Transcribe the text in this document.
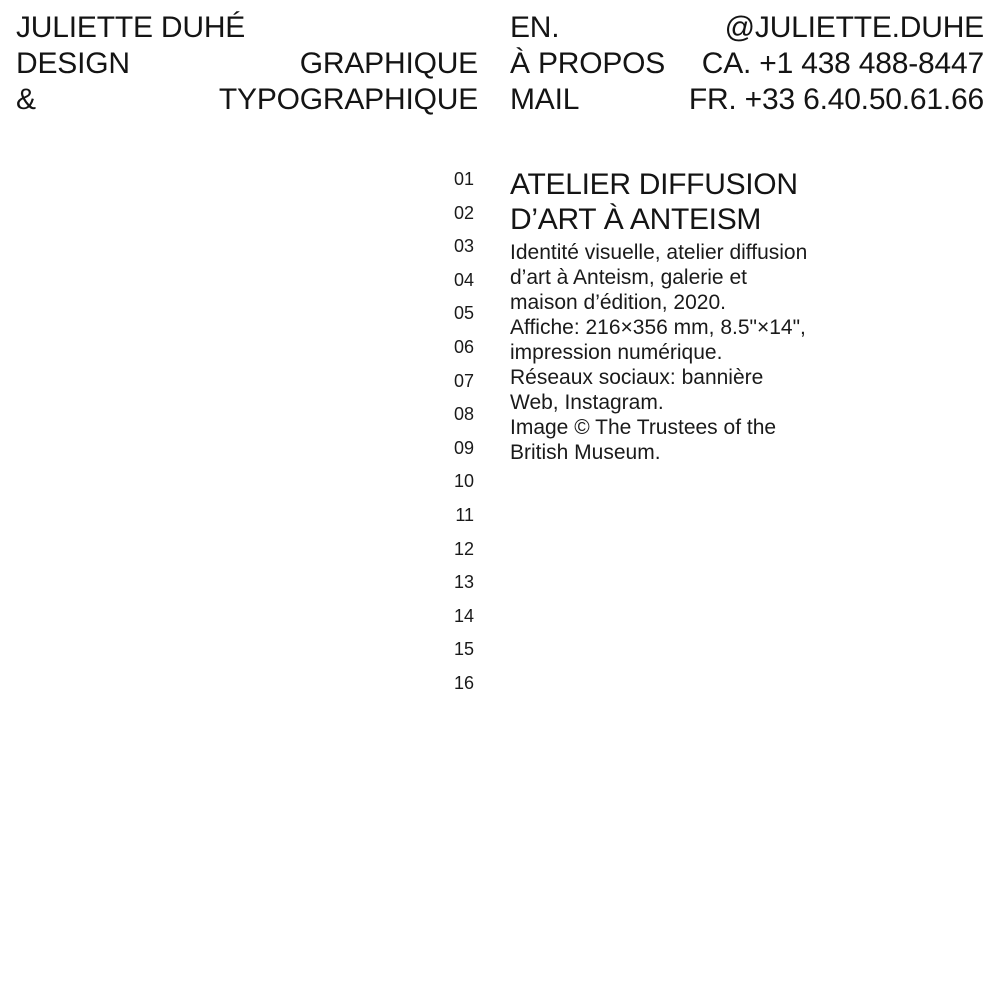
JULIETTE DUHÉ
DESIGN	GRAPHIQUE
&	TYPOGRAPHIQUE
EN.
À PROPOS
MAIL
@JULIETTE.DUHE
CA. +1 438 488-8447
FR. +33 6.40.50.61.66
01
02
03
04
05
06
07
08
09
10
11
12
13
14
15
16
ATELIER DIFFUSION
D’ART À ANTEISM
Identité visuelle, atelier diffusion
d’art à Anteism, galerie et
maison d’édition, 2020.
Affiche: 216×356 mm, 8.5"×14",
impression numérique.
Réseaux sociaux: bannière
Web, Instagram.
Image © The Trustees of the
British Museum.
